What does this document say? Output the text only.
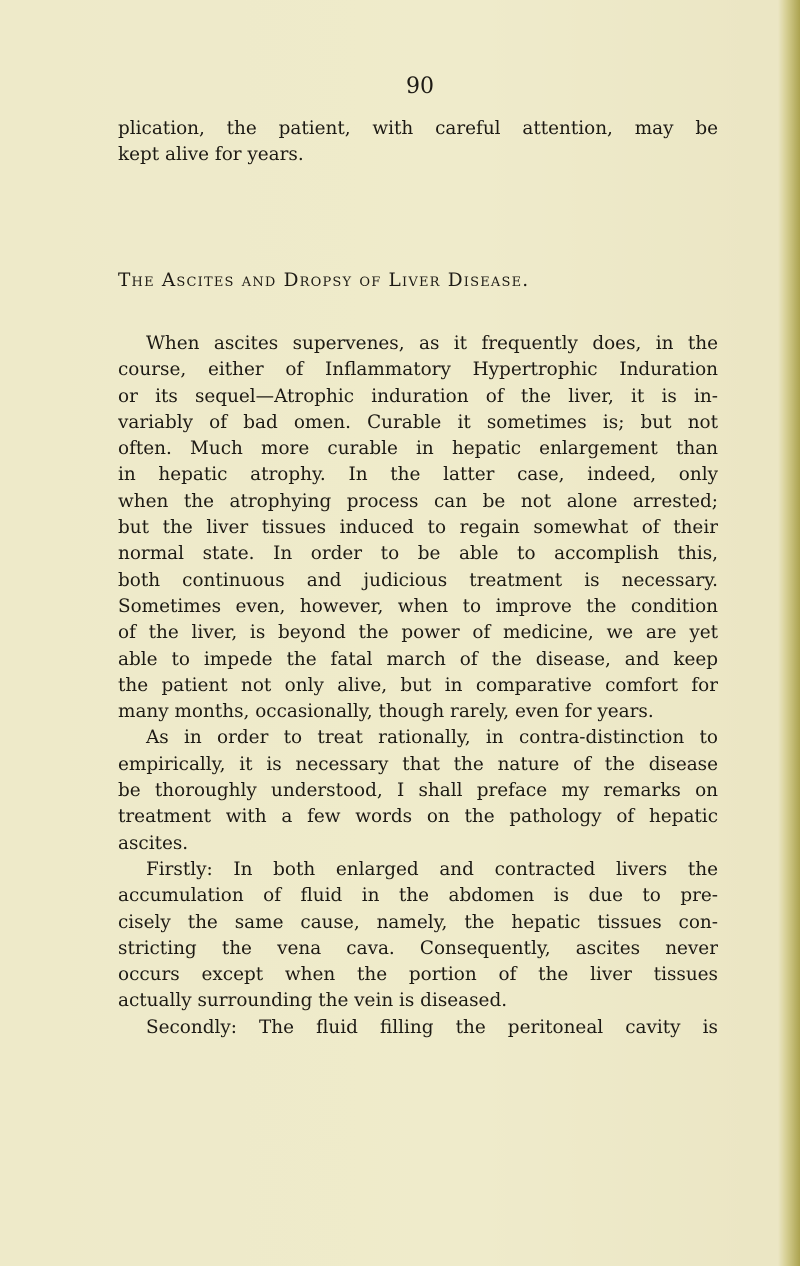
90
plication, the patient, with careful attention, may be
kept alive for years.
The Ascites and Dropsy of Liver Disease.
When ascites supervenes, as it frequently does, in the
course, either of Inflammatory Hypertrophic Induration
or its sequel—Atrophic induration of the liver, it is in-
variably of bad omen. Curable it sometimes is; but not
often. Much more curable in hepatic enlargement than
in hepatic atrophy. In the latter case, indeed, only
when the atrophying process can be not alone arrested;
but the liver tissues induced to regain somewhat of their
normal state. In order to be able to accomplish this,
both continuous and judicious treatment is necessary.
Sometimes even, however, when to improve the condition
of the liver, is beyond the power of medicine, we are yet
able to impede the fatal march of the disease, and keep
the patient not only alive, but in comparative comfort for
many months, occasionally, though rarely, even for years.
As in order to treat rationally, in contra-distinction to
empirically, it is necessary that the nature of the disease
be thoroughly understood, I shall preface my remarks on
treatment with a few words on the pathology of hepatic
ascites.
Firstly: In both enlarged and contracted livers the
accumulation of fluid in the abdomen is due to pre-
cisely the same cause, namely, the hepatic tissues con-
stricting the vena cava. Consequently, ascites never
occurs except when the portion of the liver tissues
actually surrounding the vein is diseased.
Secondly: The fluid filling the peritoneal cavity is
